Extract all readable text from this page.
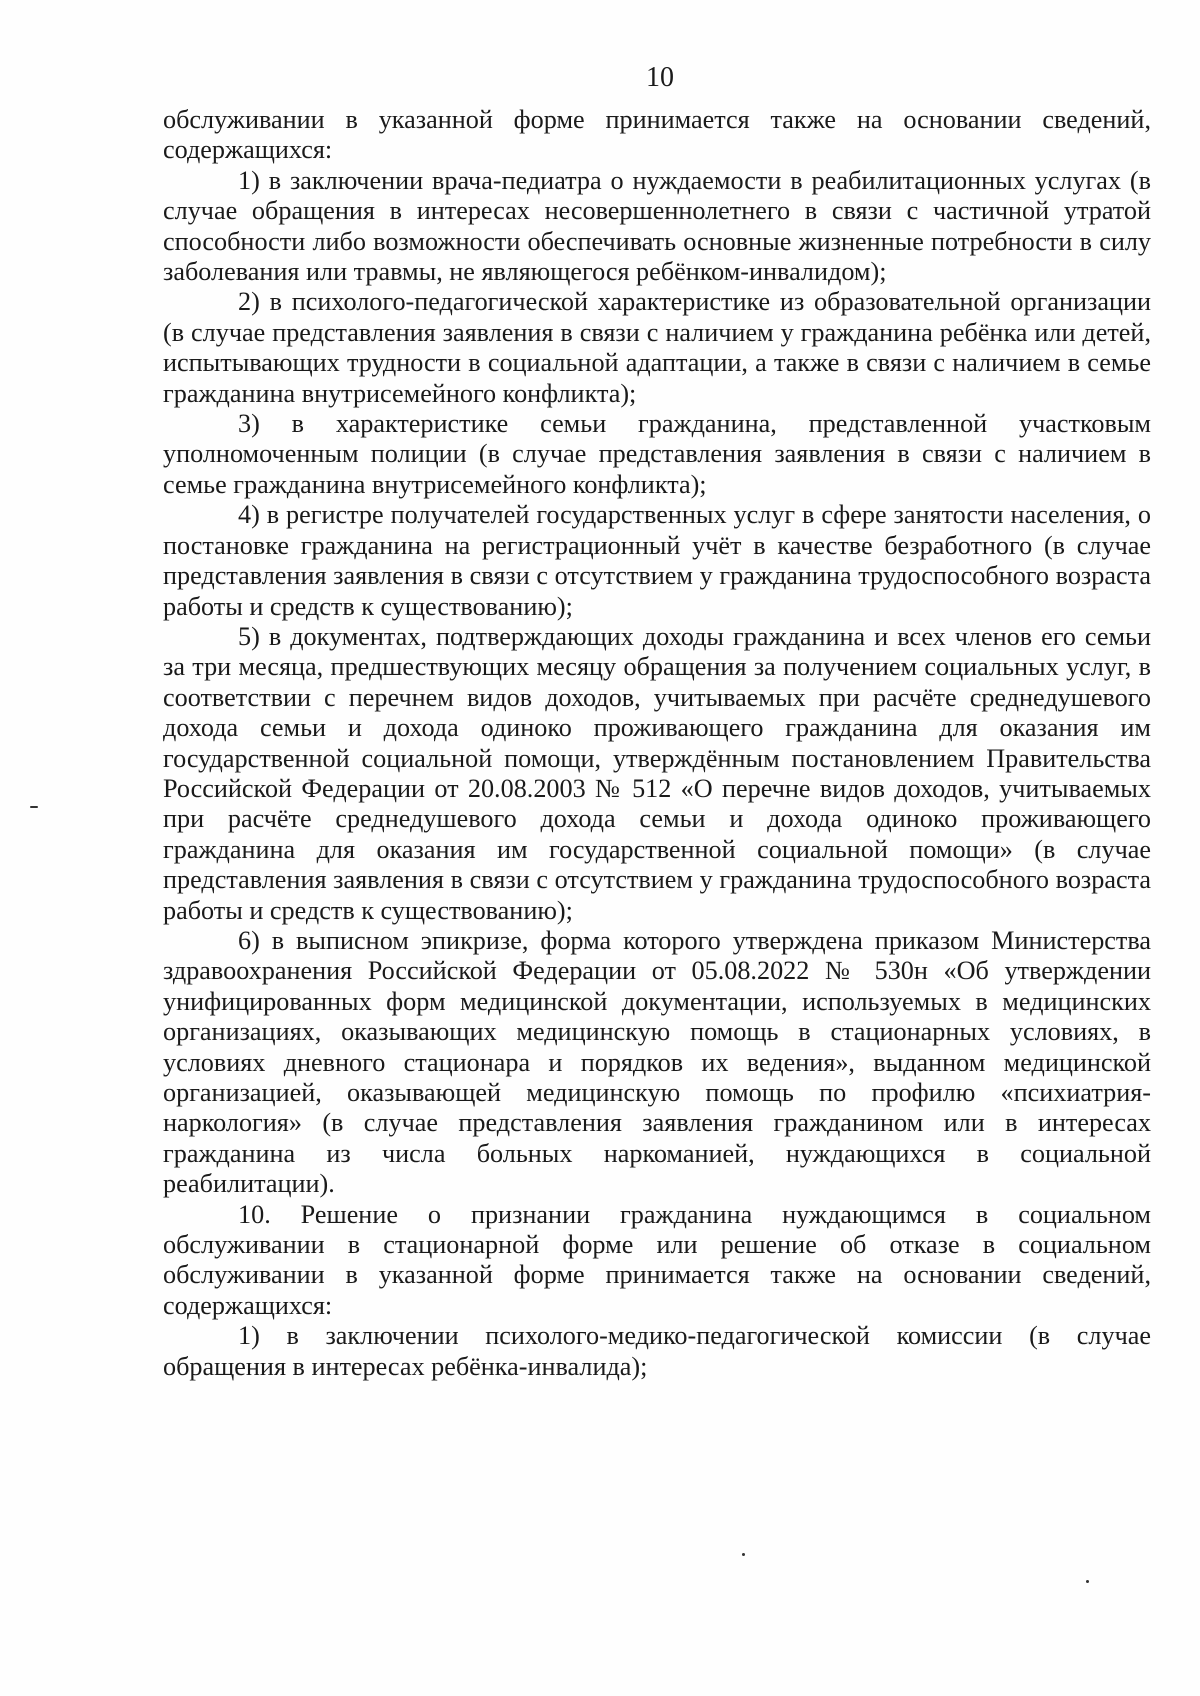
10

обслуживании в указанной форме принимается также на основании сведений, содержащихся:

1) в заключении врача-педиатра о нуждаемости в реабилитационных услугах (в случае обращения в интересах несовершеннолетнего в связи с частичной утратой способности либо возможности обеспечивать основные жизненные потребности в силу заболевания или травмы, не являющегося ребёнком-инвалидом);

2) в психолого-педагогической характеристике из образовательной организации (в случае представления заявления в связи с наличием у гражданина ребёнка или детей, испытывающих трудности в социальной адаптации, а также в связи с наличием в семье гражданина внутрисемейного конфликта);

3) в характеристике семьи гражданина, представленной участковым уполномоченным полиции (в случае представления заявления в связи с наличием в семье гражданина внутрисемейного конфликта);

4) в регистре получателей государственных услуг в сфере занятости населения, о постановке гражданина на регистрационный учёт в качестве безработного (в случае представления заявления в связи с отсутствием у гражданина трудоспособного возраста работы и средств к существованию);

5) в документах, подтверждающих доходы гражданина и всех членов его семьи за три месяца, предшествующих месяцу обращения за получением социальных услуг, в соответствии с перечнем видов доходов, учитываемых при расчёте среднедушевого дохода семьи и дохода одиноко проживающего гражданина для оказания им государственной социальной помощи, утверждённым постановлением Правительства Российской Федерации от 20.08.2003 № 512 «О перечне видов доходов, учитываемых при расчёте среднедушевого дохода семьи и дохода одиноко проживающего гражданина для оказания им государственной социальной помощи» (в случае представления заявления в связи с отсутствием у гражданина трудоспособного возраста работы и средств к существованию);

6) в выписном эпикризе, форма которого утверждена приказом Министерства здравоохранения Российской Федерации от 05.08.2022 № 530н «Об утверждении унифицированных форм медицинской документации, используемых в медицинских организациях, оказывающих медицинскую помощь в стационарных условиях, в условиях дневного стационара и порядков их ведения», выданном медицинской организацией, оказывающей медицинскую помощь по профилю «психиатрия-наркология» (в случае представления заявления гражданином или в интересах гражданина из числа больных наркоманией, нуждающихся в социальной реабилитации).

10. Решение о признании гражданина нуждающимся в социальном обслуживании в стационарной форме или решение об отказе в социальном обслуживании в указанной форме принимается также на основании сведений, содержащихся:

1) в заключении психолого-медико-педагогической комиссии (в случае обращения в интересах ребёнка-инвалида);
